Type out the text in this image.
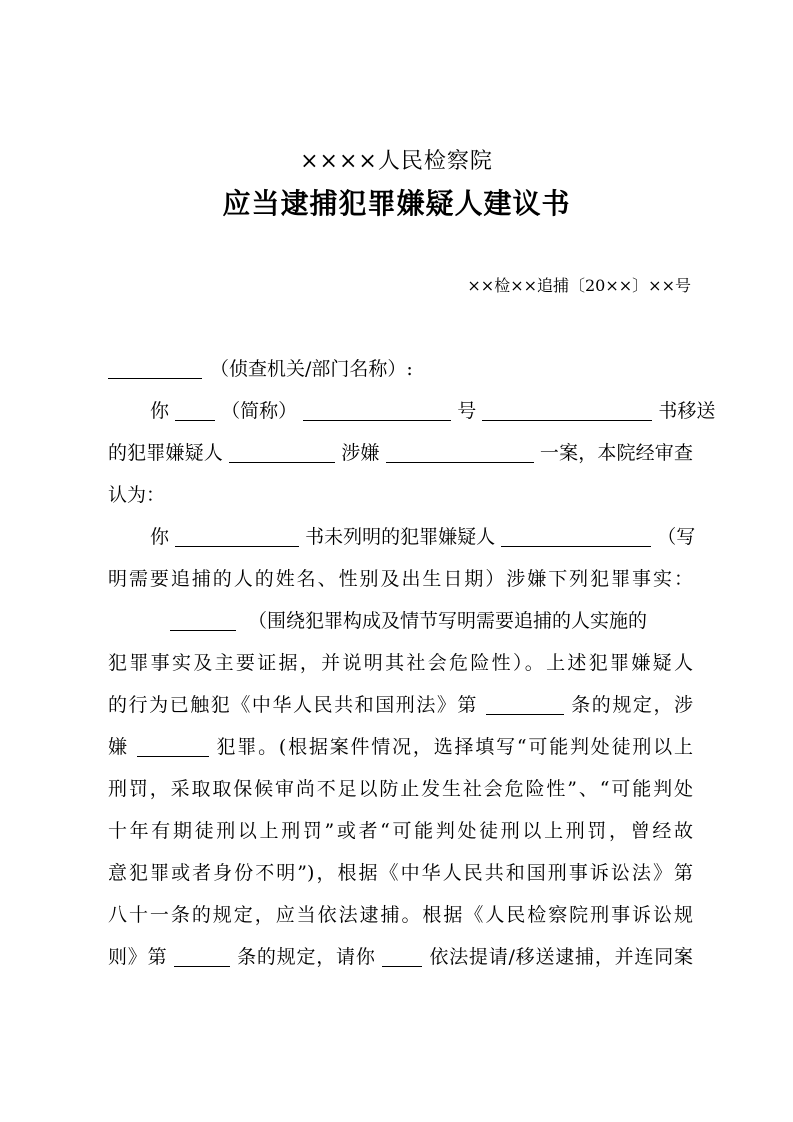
××××人民检察院
应当逮捕犯罪嫌疑人建议书
××检××追捕〔20××〕××号
（侦查机关/部门名称）:
你	（简称）	号	书移送
的犯罪嫌疑人	涉嫌	一案，本院经审查
认为：
你	书未列明的犯罪嫌疑人	（写
明需要追捕的人的姓名、性别及出生日期）涉嫌下列犯罪事实：
（围绕犯罪构成及情节写明需要追捕的人实施的
犯罪事实及主要证据，并说明其社会危险性）。上述犯罪嫌疑人
的行为已触犯《中华人民共和国刑法》第	条的规定，涉
嫌	犯罪。(根据案件情况，选择填写“可能判处徒刑以上
刑罚，采取取保候审尚不足以防止发生社会危险性”、“可能判处
十年有期徒刑以上刑罚”或者“可能判处徒刑以上刑罚，曾经故
意犯罪或者身份不明”)，根据《中华人民共和国刑事诉讼法》第
八十一条的规定，应当依法逮捕。根据《人民检察院刑事诉讼规
则》第	条的规定，请你	依法提请/移送逮捕，并连同案
